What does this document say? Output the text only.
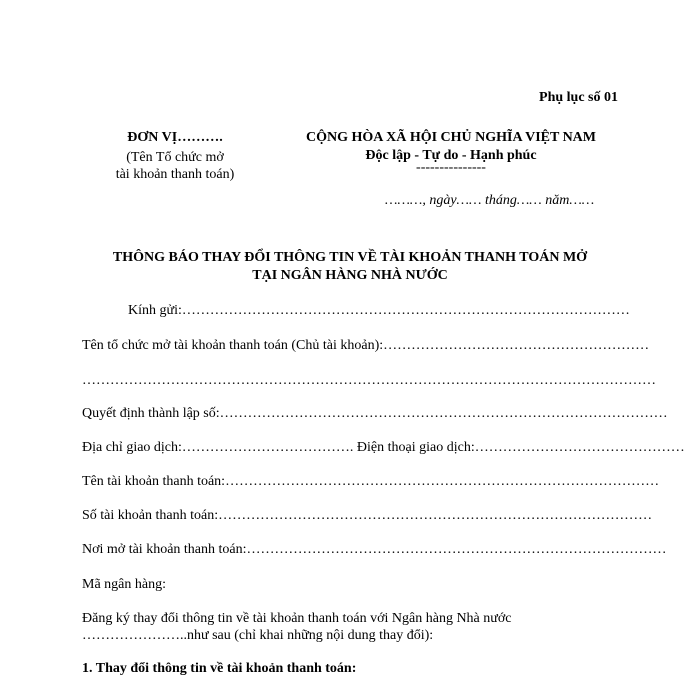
Phụ lục số 01
ĐƠN VỊ……….
(Tên Tổ chức mở
tài khoản thanh toán)
CỘNG HÒA XÃ HỘI CHỦ NGHĨA VIỆT NAM
Độc lập - Tự do - Hạnh phúc
---------------
………, ngày…… tháng…… năm……
THÔNG BÁO THAY ĐỔI THÔNG TIN VỀ TÀI KHOẢN THANH TOÁN MỞ
TẠI NGÂN HÀNG NHÀ NƯỚC
Kính gửi:……………………………………………………………………………………
Tên tổ chức mở tài khoản thanh toán (Chủ tài khoản):…………………………………………………
……………………………………………………………………………………………………………
Quyết định thành lập số:……………………………………………………………………………………
Địa chỉ giao dịch:………………………………. Điện thoại giao dịch:………………………………………
Tên tài khoản thanh toán:…………………………………………………………………………………
Số tài khoản thanh toán:…………………………………………………………………………………
Nơi mở tài khoản thanh toán:………………………………………………………………………………
Mã ngân hàng:
Đăng ký thay đổi thông tin về tài khoản thanh toán với Ngân hàng Nhà nước
…………………..như sau (chỉ khai những nội dung thay đổi):
1. Thay đổi thông tin về tài khoản thanh toán:
